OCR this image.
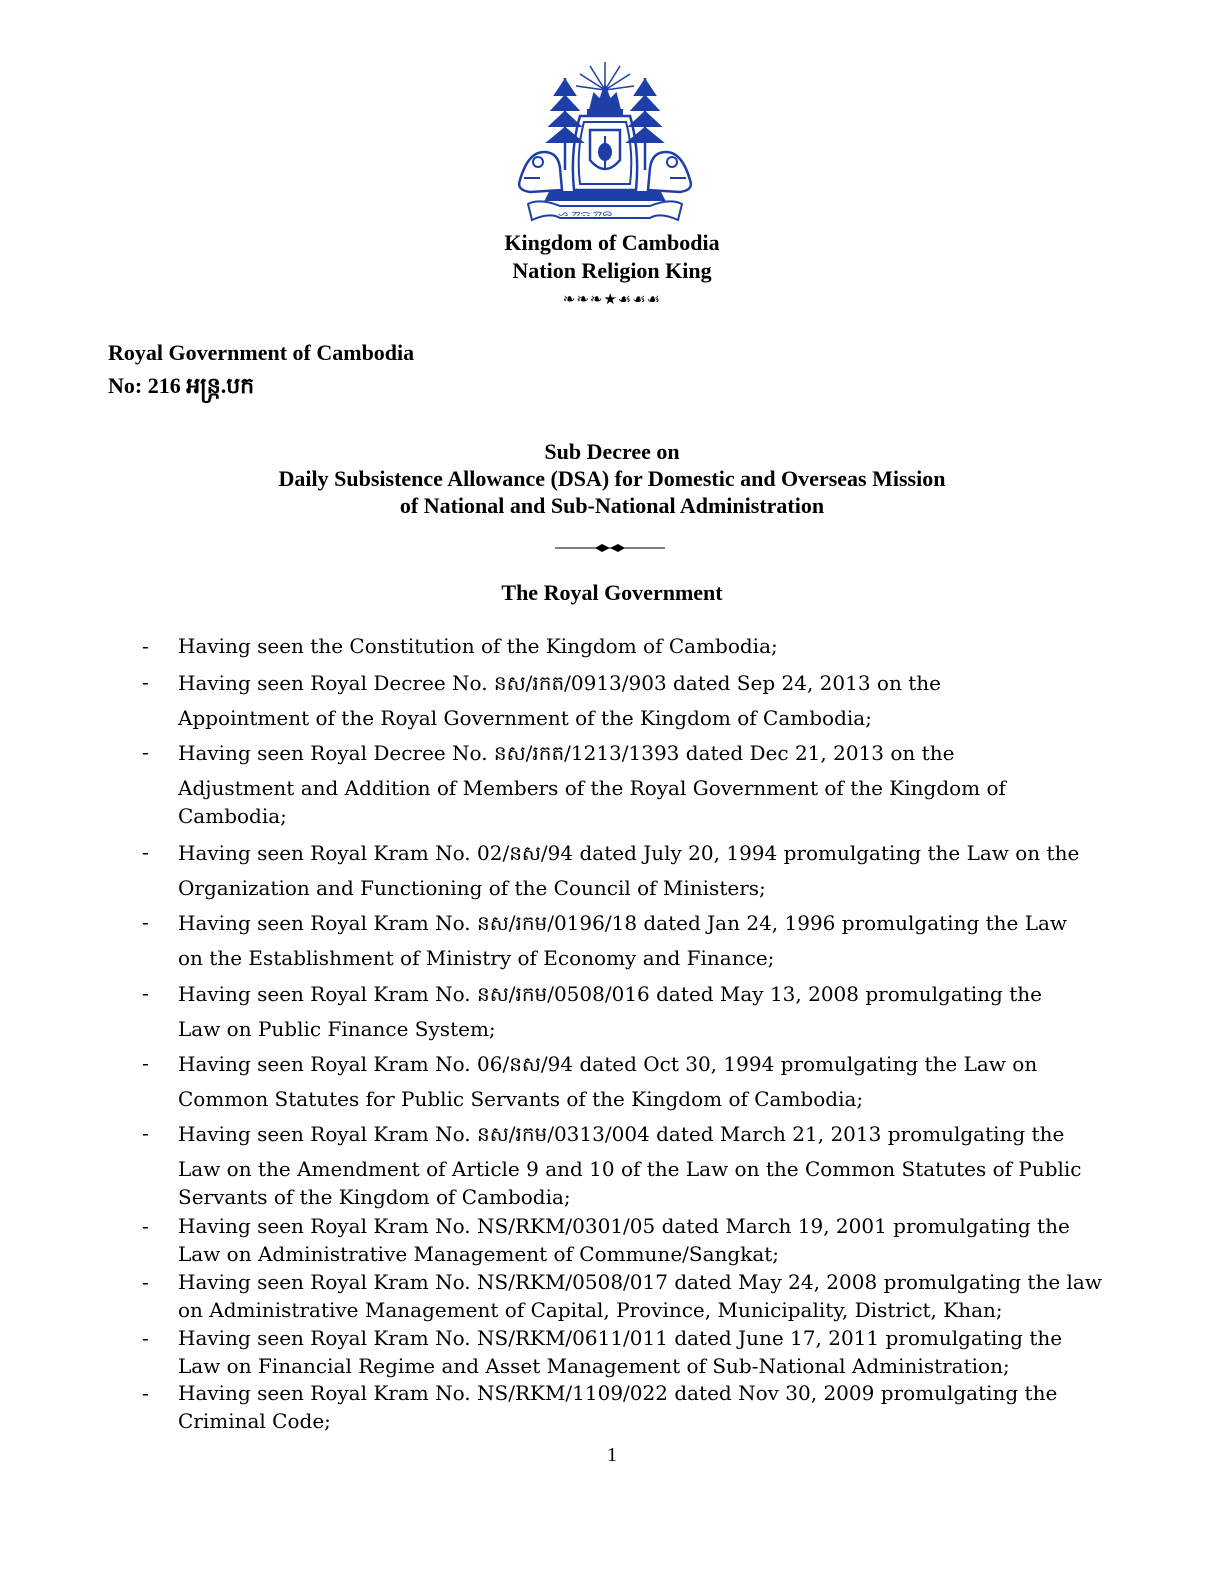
ᯁ ᯂᯃ ᯄᯅ
Kingdom of Cambodia
Nation Religion King
❧❧❧★☙☙☙
Royal Government of Cambodia
No: 216 អន្ក្រ.បក
Sub Decree on
Daily Subsistence Allowance (DSA) for Domestic and Overseas Mission
of National and Sub-National Administration
The Royal Government
- Having seen the Constitution of the Kingdom of Cambodia;
- Having seen Royal Decree No. នស/រកត/0913/903 dated Sep 24, 2013 on the
Appointment of the Royal Government of the Kingdom of Cambodia;
- Having seen Royal Decree No. នស/រកត/1213/1393 dated Dec 21, 2013 on the
Adjustment and Addition of Members of the Royal Government of the Kingdom of
Cambodia;
- Having seen Royal Kram No. 02/នស/94 dated July 20, 1994 promulgating the Law on the
Organization and Functioning of the Council of Ministers;
- Having seen Royal Kram No. នស/រកម/0196/18 dated Jan 24, 1996 promulgating the Law
on the Establishment of Ministry of Economy and Finance;
- Having seen Royal Kram No. នស/រកម/0508/016 dated May 13, 2008 promulgating the
Law on Public Finance System;
- Having seen Royal Kram No. 06/នស/94 dated Oct 30, 1994 promulgating the Law on
Common Statutes for Public Servants of the Kingdom of Cambodia;
- Having seen Royal Kram No. នស/រកម/0313/004 dated March 21, 2013 promulgating the
Law on the Amendment of Article 9 and 10 of the Law on the Common Statutes of Public
Servants of the Kingdom of Cambodia;
- Having seen Royal Kram No. NS/RKM/0301/05 dated March 19, 2001 promulgating the
Law on Administrative Management of Commune/Sangkat;
- Having seen Royal Kram No. NS/RKM/0508/017 dated May 24, 2008 promulgating the law
on Administrative Management of Capital, Province, Municipality, District, Khan;
- Having seen Royal Kram No. NS/RKM/0611/011 dated June 17, 2011 promulgating the
Law on Financial Regime and Asset Management of Sub-National Administration;
- Having seen Royal Kram No. NS/RKM/1109/022 dated Nov 30, 2009 promulgating the
Criminal Code;
1
